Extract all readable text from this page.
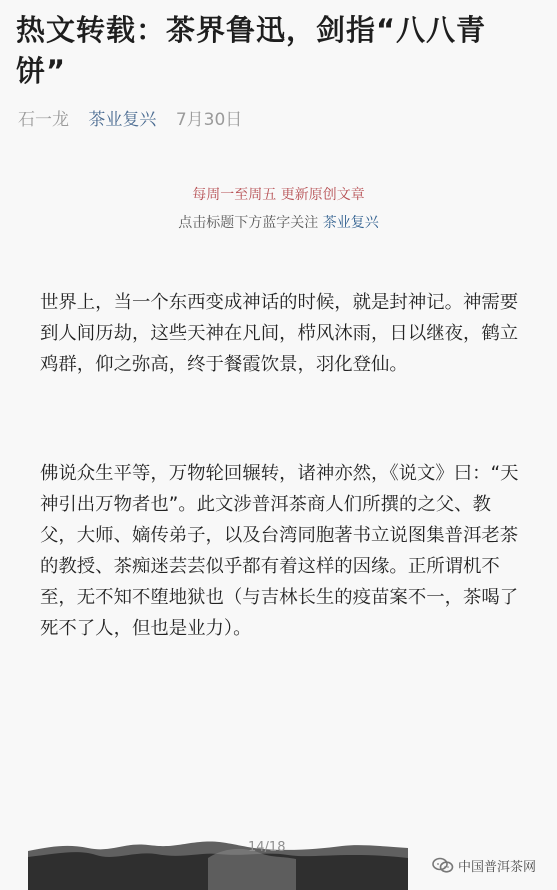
热文转载：茶界鲁迅，剑指“八八青饼”
石一龙 茶业复兴 7月30日
每周一至周五 更新原创文章
点击标题下方蓝字关注 茶业复兴
世界上，当一个东西变成神话的时候，就是封神记。神需要到人间历劫，这些天神在凡间，栉风沐雨，日以继夜，鹤立鸡群，仰之弥高，终于餐霞饮景，羽化登仙。
佛说众生平等，万物轮回辗转，诸神亦然，《说文》曰：“天神引出万物者也”。此文涉普洱茶商人们所撰的之父、教父，大师、嫡传弟子，以及台湾同胞著书立说图集普洱老茶的教授、茶痴迷芸芸似乎都有着这样的因缘。正所谓机不至，无不知不堕地狱也（与吉林长生的疫苗案不一，茶喝了死不了人，但也是业力）。
14/18
中国普洱茶网
